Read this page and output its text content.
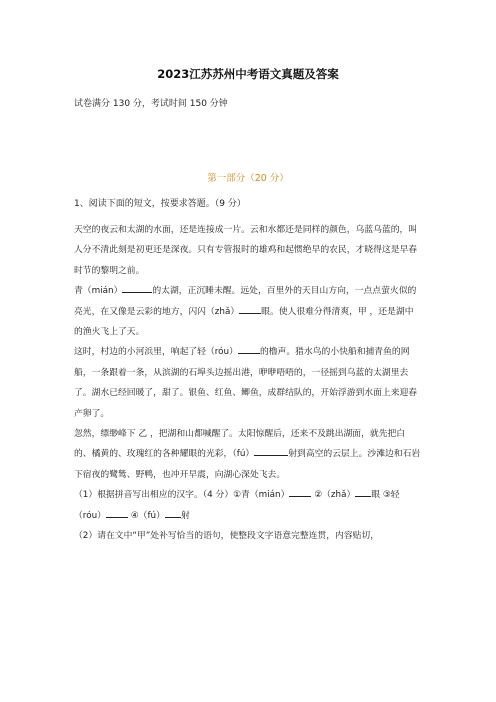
2023江苏苏州中考语文真题及答案
试卷满分 130 分，考试时间 150 分钟
第一部分（20 分）
1、阅读下面的短文，按要求答题。（9 分）

天空的夜云和太湖的水面，还是连接成一片。云和水都还是同样的颜色，乌蓝乌蓝的，叫人分不清此刻是初更还是深夜。只有专管报时的雄鸡和起惯绝早的农民，才晓得这是早春时节的黎明之前。

青（mián）	的太湖，正沉睡未醒。远处，百里外的天目山方向，一点点萤火似的亮光，在又像是云彩的地方，闪闪（zhǎ）	眼。使人很难分得清爽，甲 ，还是湖中的渔火飞上了天。

这时，村边的小河浜里，响起了轻（róu）	的橹声。猎水鸟的小快船和捕青鱼的网船，一条跟着一条，从滨湖的石埠头边摇出港，咿咿唔唔的，一径摇到乌蓝的太湖里去了。湖水已经回暖了，甜了。银鱼、红鱼、鲫鱼，成群结队的，开始浮游到水面上来迎春产卵了。

忽然，缥缈峰下 乙 ，把湖和山都喊醒了。太阳惊醒后，还来不及跳出湖面，就先把白的、橘黄的、玫瑰红的各种耀眼的光彩，（fú）	射到高空的云层上。沙滩边和石岩下宿夜的鹭鸶、野鸭，也冲开早震，向湖心深处飞去。

（1）根据拼音写出相应的汉字。（4 分）①青（mián）	②（zhǎ） 眼 ③轻（róu）	④（fú） 射

（2）请在文中“甲”处补写恰当的语句，使整段文字语意完整连贯，内容贴切，
